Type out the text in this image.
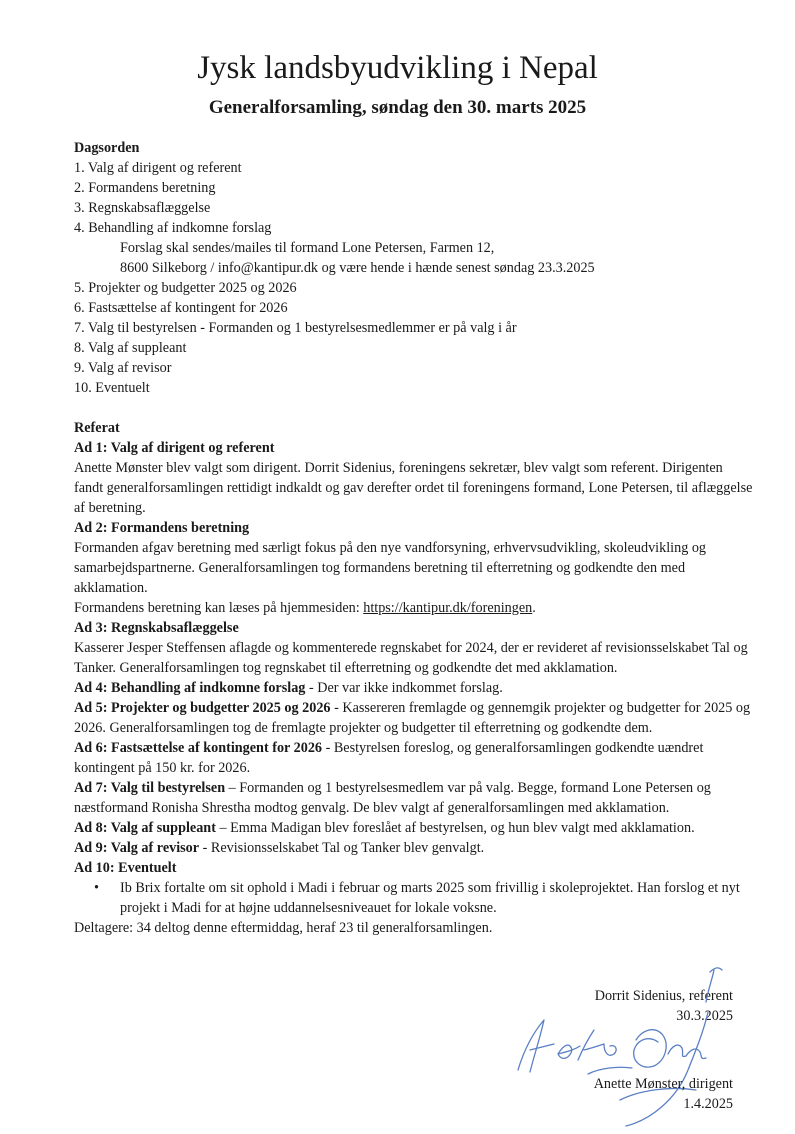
Jysk landsbyudvikling i Nepal
Generalforsamling, søndag den 30. marts 2025
Dagsorden
1. Valg af dirigent og referent
2. Formandens beretning
3. Regnskabsaflæggelse
4. Behandling af indkomne forslag
Forslag skal sendes/mailes til formand Lone Petersen, Farmen 12,
8600 Silkeborg / info@kantipur.dk og være hende i hænde senest søndag 23.3.2025
5. Projekter og budgetter 2025 og 2026
6. Fastsættelse af kontingent for 2026
7. Valg til bestyrelsen - Formanden og 1 bestyrelsesmedlemmer er på valg i år
8. Valg af suppleant
9. Valg af revisor
10. Eventuelt
Referat
Ad 1: Valg af dirigent og referent
Anette Mønster blev valgt som dirigent. Dorrit Sidenius, foreningens sekretær, blev valgt som referent. Dirigenten fandt generalforsamlingen rettidigt indkaldt og gav derefter ordet til foreningens formand, Lone Petersen, til aflæggelse af beretning.
Ad 2: Formandens beretning
Formanden afgav beretning med særligt fokus på den nye vandforsyning, erhvervsudvikling, skoleudvikling og samarbejdspartnerne. Generalforsamlingen tog formandens beretning til efterretning og godkendte den med akklamation.
Formandens beretning kan læses på hjemmesiden: https://kantipur.dk/foreningen.
Ad 3: Regnskabsaflæggelse
Kasserer Jesper Steffensen aflagde og kommenterede regnskabet for 2024, der er revideret af revisionsselskabet Tal og Tanker. Generalforsamlingen tog regnskabet til efterretning og godkendte det med akklamation.
Ad 4: Behandling af indkomne forslag - Der var ikke indkommet forslag.
Ad 5: Projekter og budgetter 2025 og 2026 - Kassereren fremlagde og gennemgik projekter og budgetter for 2025 og 2026. Generalforsamlingen tog de fremlagte projekter og budgetter til efterretning og godkendte dem.
Ad 6: Fastsættelse af kontingent for 2026 - Bestyrelsen foreslog, og generalforsamlingen godkendte uændret kontingent på 150 kr. for 2026.
Ad 7: Valg til bestyrelsen – Formanden og 1 bestyrelsesmedlem var på valg. Begge, formand Lone Petersen og næstformand Ronisha Shrestha modtog genvalg. De blev valgt af generalforsamlingen med akklamation.
Ad 8: Valg af suppleant – Emma Madigan blev foreslået af bestyrelsen, og hun blev valgt med akklamation.
Ad 9: Valg af revisor - Revisionsselskabet Tal og Tanker blev genvalgt.
Ad 10: Eventuelt
• Ib Brix fortalte om sit ophold i Madi i februar og marts 2025 som frivillig i skoleprojektet. Han forslog et nyt projekt i Madi for at højne uddannelsesniveauet for lokale voksne.
Deltagere: 34 deltog denne eftermiddag, heraf 23 til generalforsamlingen.
Dorrit Sidenius, referent
30.3.2025
Anette Mønster, dirigent
1.4.2025
